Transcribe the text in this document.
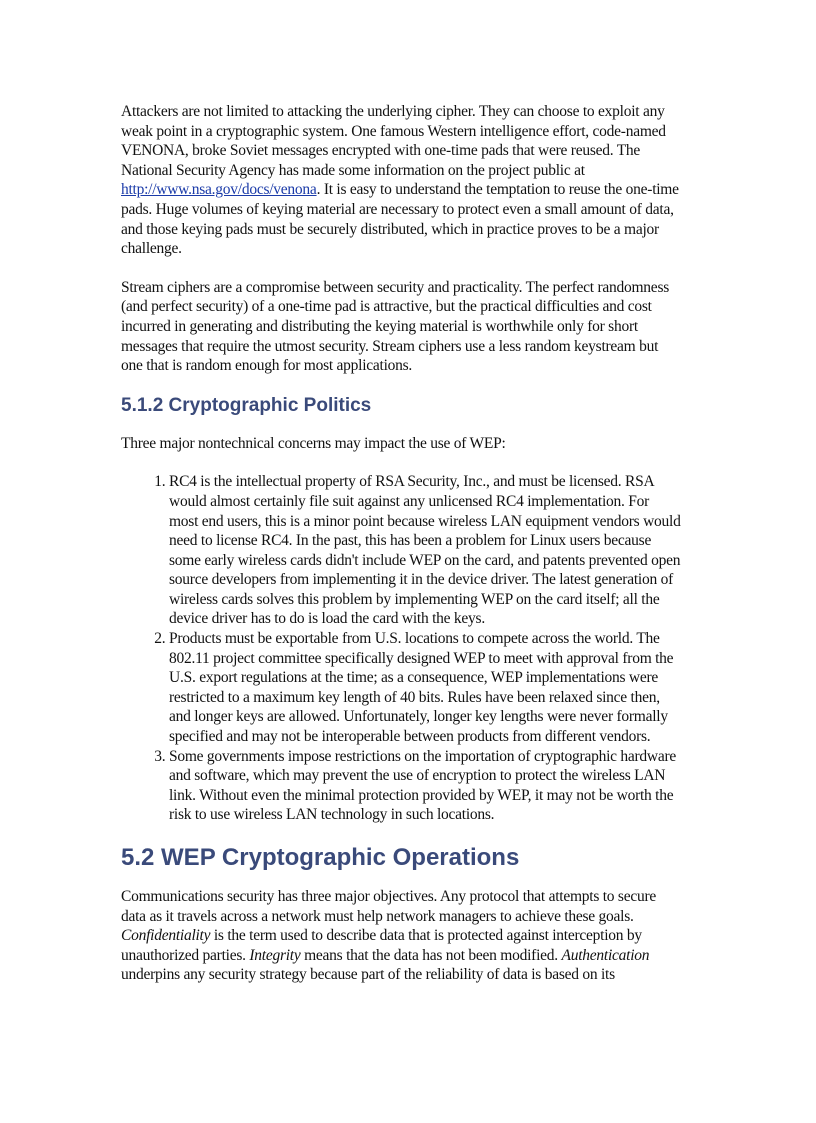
Attackers are not limited to attacking the underlying cipher. They can choose to exploit any weak point in a cryptographic system. One famous Western intelligence effort, code-named VENONA, broke Soviet messages encrypted with one-time pads that were reused. The National Security Agency has made some information on the project public at http://www.nsa.gov/docs/venona. It is easy to understand the temptation to reuse the one-time pads. Huge volumes of keying material are necessary to protect even a small amount of data, and those keying pads must be securely distributed, which in practice proves to be a major challenge.

Stream ciphers are a compromise between security and practicality. The perfect randomness (and perfect security) of a one-time pad is attractive, but the practical difficulties and cost incurred in generating and distributing the keying material is worthwhile only for short messages that require the utmost security. Stream ciphers use a less random keystream but one that is random enough for most applications.

5.1.2 Cryptographic Politics

Three major nontechnical concerns may impact the use of WEP:

1. RC4 is the intellectual property of RSA Security, Inc., and must be licensed. RSA would almost certainly file suit against any unlicensed RC4 implementation. For most end users, this is a minor point because wireless LAN equipment vendors would need to license RC4. In the past, this has been a problem for Linux users because some early wireless cards didn't include WEP on the card, and patents prevented open source developers from implementing it in the device driver. The latest generation of wireless cards solves this problem by implementing WEP on the card itself; all the device driver has to do is load the card with the keys.
2. Products must be exportable from U.S. locations to compete across the world. The 802.11 project committee specifically designed WEP to meet with approval from the U.S. export regulations at the time; as a consequence, WEP implementations were restricted to a maximum key length of 40 bits. Rules have been relaxed since then, and longer keys are allowed. Unfortunately, longer key lengths were never formally specified and may not be interoperable between products from different vendors.
3. Some governments impose restrictions on the importation of cryptographic hardware and software, which may prevent the use of encryption to protect the wireless LAN link. Without even the minimal protection provided by WEP, it may not be worth the risk to use wireless LAN technology in such locations.
5.2 WEP Cryptographic Operations

Communications security has three major objectives. Any protocol that attempts to secure data as it travels across a network must help network managers to achieve these goals. Confidentiality is the term used to describe data that is protected against interception by unauthorized parties. Integrity means that the data has not been modified. Authentication underpins any security strategy because part of the reliability of data is based on its
